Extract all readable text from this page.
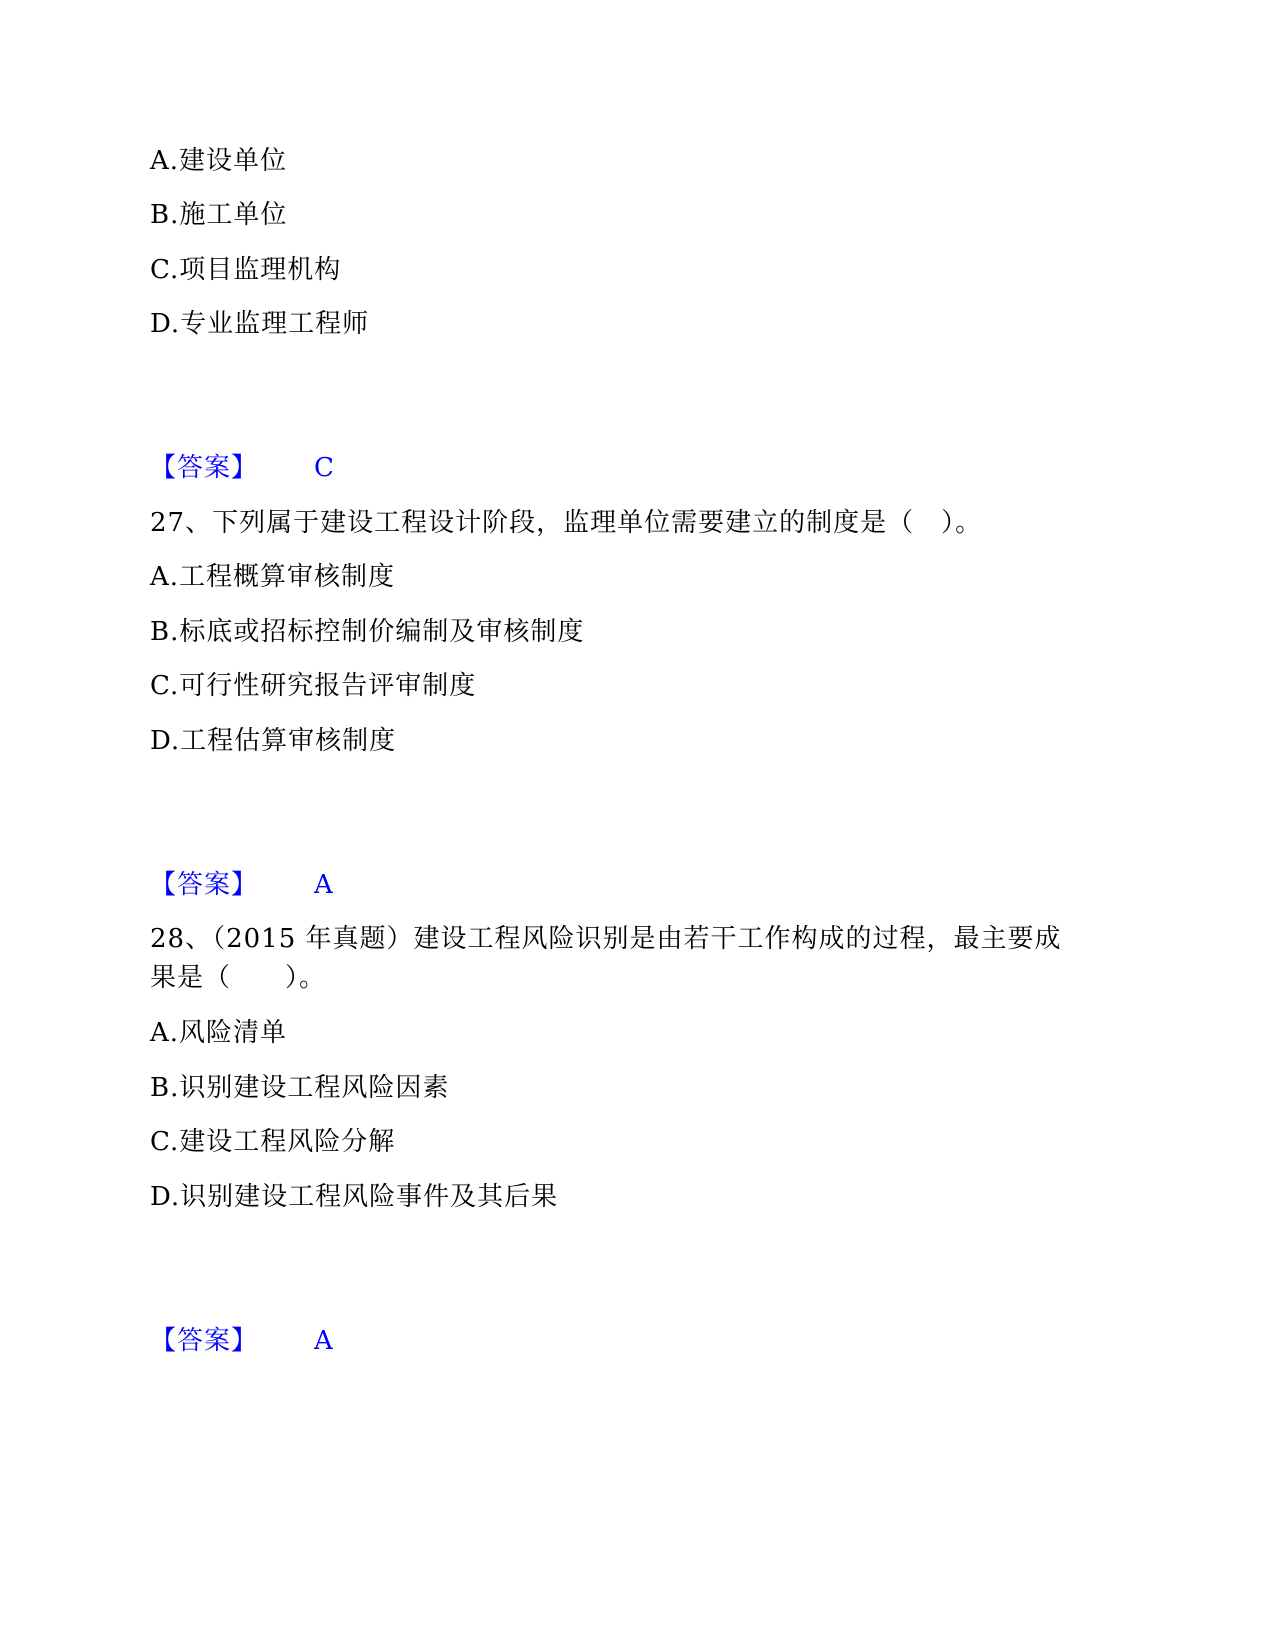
A.建设单位
B.施工单位
C.项目监理机构
D.专业监理工程师
【答案】 C
27、下列属于建设工程设计阶段，监理单位需要建立的制度是（　）。
A.工程概算审核制度
B.标底或招标控制价编制及审核制度
C.可行性研究报告评审制度
D.工程估算审核制度
【答案】 A
28、（2015 年真题）建设工程风险识别是由若干工作构成的过程，最主要成
果是（　　）。
A.风险清单
B.识别建设工程风险因素
C.建设工程风险分解
D.识别建设工程风险事件及其后果
【答案】 A
